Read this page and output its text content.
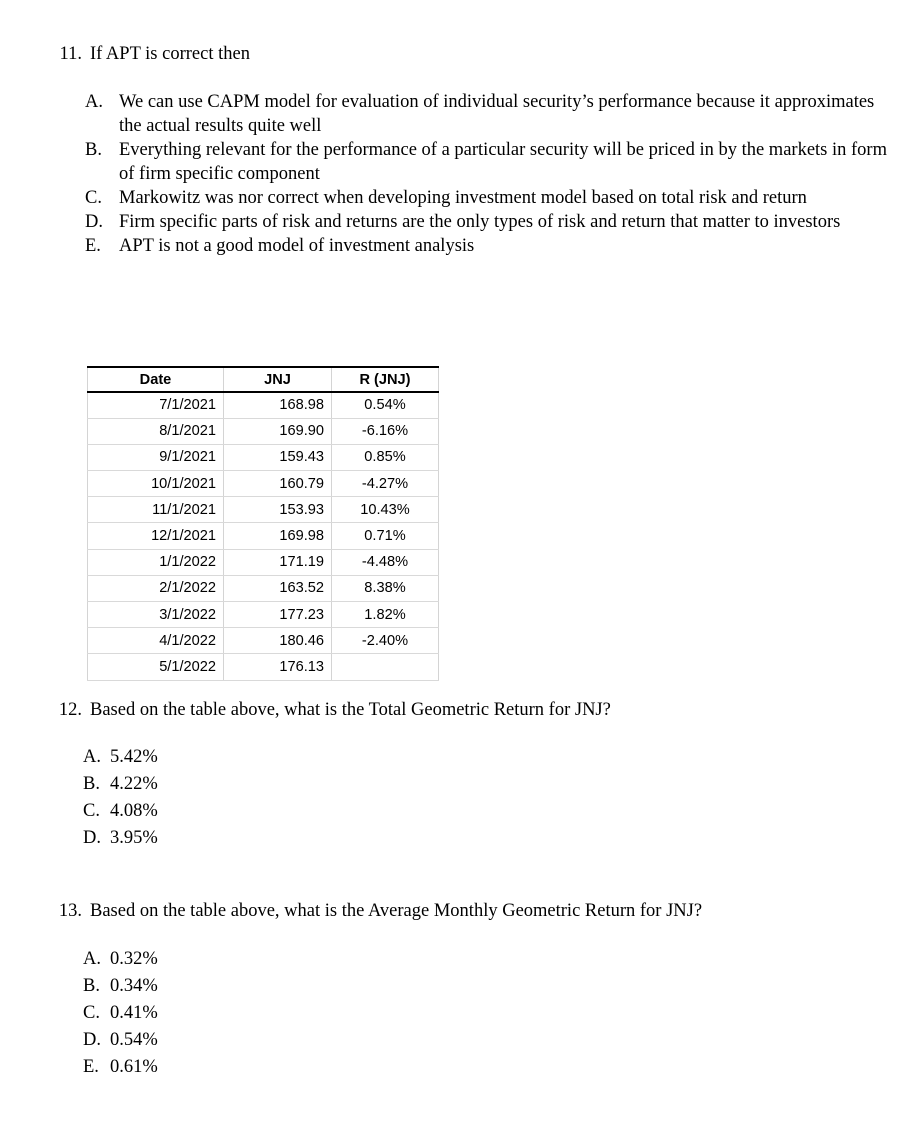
11. If APT is correct then
A. We can use CAPM model for evaluation of individual security’s performance because it approximates the actual results quite well
B. Everything relevant for the performance of a particular security will be priced in by the markets in form of firm specific component
C. Markowitz was nor correct when developing investment model based on total risk and return
D. Firm specific parts of risk and returns are the only types of risk and return that matter to investors
E. APT is not a good model of investment analysis
Date	JNJ	R (JNJ)
7/1/2021	168.98	0.54%
8/1/2021	169.90	-6.16%
9/1/2021	159.43	0.85%
10/1/2021	160.79	-4.27%
11/1/2021	153.93	10.43%
12/1/2021	169.98	0.71%
1/1/2022	171.19	-4.48%
2/1/2022	163.52	8.38%
3/1/2022	177.23	1.82%
4/1/2022	180.46	-2.40%
5/1/2022	176.13	
12. Based on the table above, what is the Total Geometric Return for JNJ?
A. 5.42%
B. 4.22%
C. 4.08%
D. 3.95%
13. Based on the table above, what is the Average Monthly Geometric Return for JNJ?
A. 0.32%
B. 0.34%
C. 0.41%
D. 0.54%
E. 0.61%
